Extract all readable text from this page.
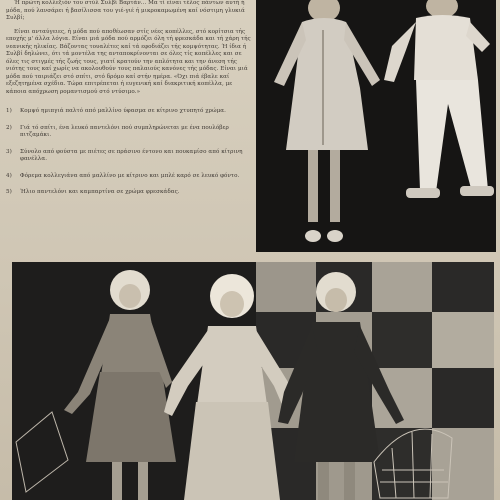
Ή πρώτη κολλεξιόν του στύλ Συλβί Βαρτάν... Μα τί είναι τέλος πάντων αυτή ή μόδα, πού λανσάρει ή βασίλισσα του γιέ-γιέ ή μικροκαμωμένη καί νόστιμη γλυκιά Συλβί;

Είναι ανταύγειες, ή μόδα πού αποθέωσαν στίς νέες κοπέλλες, στό κορίτσια τής εποχής μ' άλλα λόγια. Είναι μιά μόδα πού αρμόζει όλη τή φρεσκάδα και τή χάρη τής νεανικής ηλικίας. Βάζοντας τουαλέτες καί τά εφοδιάζει τής κομψότητας. Ή ίδια ή Συλβί δηλώνει, ότι τά μοντέλα της ανταποκρίνονται σε όλες τίς κοπέλλες και σε όλες τις στιγμές τής ζωής τους, γιατί κρατούν την απλότητα και την άνεση τής νιότης τους καί χωρίς να ακολουθούν τους παλαιούς κανόνες τής μόδας. Είναι μιά μόδα πού ταιριάζει στό σπίτι, στό δρόμο καί στήν ημέρα. «Όχι πιά έβαλε καί εξεζητημένα σχέδια. Τώρα επιτρέπεται ή ευγενική καί διακριτική κοπέλλα, με κάποια απόχρωση ρομαντισμού στό ντύσιμο.»

1) Κομψό ημιπγιά παλτό από μαλλίνο ύφασμα σε κίτρινο χτυπητό χρώμα.
2) Γιά τό σπίτι, ένα λευκό παντελόνι πού συμπληρώνεται με ένα πουλόβερ πιτζαμάκι.
3) Σύνολο από φούστα με πιέτες σε πράσινο έντονο και πουκαμίσο από κίτρινη φανέλλα.
4) Φόρεμα κολλεγιάνα από μαλλίνο με κίτρινο και μπλέ καρό σε λευκό φόντο.
5) Ήλιο παντελόνι και καμπαρτίνα σε χρώμα φρεσκάδας.
